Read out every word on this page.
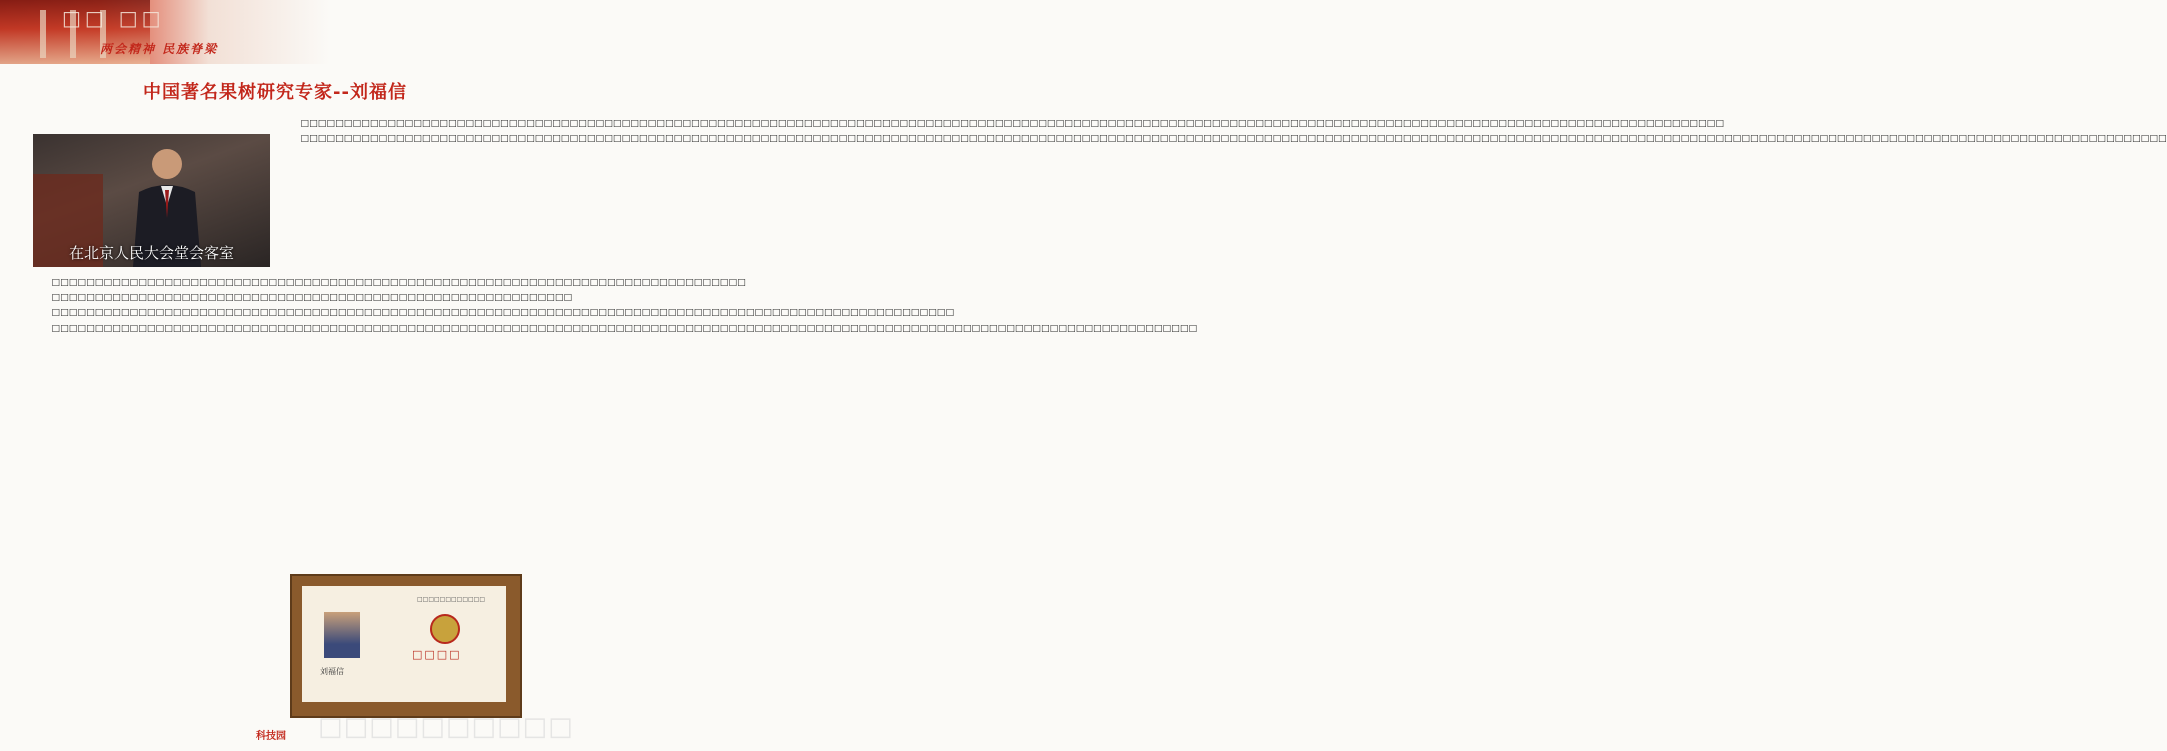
□□ □□
两会精神 民族脊梁
中国著名果树研究专家--刘福信
在北京人民大会堂会客室

□□□□□□□□□□□□□□□□□□□□□□□□□□□□□□□□□□□□□□□□□□□□□□□□□□□□□□□□□□□□□□□□□□□□□□□□□□□□□□□□

□□□□□□□□□□□□□□□□□□□□□□□□□□□□□□□□□□□□□□□□□□□□□□□□□□□□□□□□□□□□

□□□□□□□□□□□□□□□□□□□□□□□□□□□□□□□□□□□□□□□□□□□□□□□□□□□□□□□□□□□□□□□□□□□□□□□□□□□□□□□□□□□□□□□□□□□□□□□□□□□□□□□□

□□□□□□□□□□□□□□□□□□□□□□□□□□□□□□□□□□□□□□□□□□□□□□□□□□□□□□□□□□□□□□□□□□□□□□□□□□□□□□□□□□□□□□□□□□□□□□□□□□□□□□□□□□□□□□□□□□□□□□□□□□□□□□□□□□□□

□□□□□□□□□□□□□□□□□□□□□□□□□□□□□□□□□□□□□□□□□□□□□□□□□□□□□□□□□□□□□□□□□□□□□□□□□□□□□□□□□□□□□□□□□□□□□□□□□□□□□□□□□□□□□□□□□□□□□□□□□□□□□□□□□□□□□□□□□□□□□□□□□□□□□□□□□□□□□□□□□□□□

□□□□□□□□□□□□□□□□□□□□□□□□□□□□□□□□□□□□□□□□□□□□□□□□□□□□□□□□□□□□□□□□□□□□□□□□□□□□□□□□□□□□□□□□□□□□□□□□□□□□□□□□□□□□□□□□□□□□□□□□□□□□□□□□□□□□□□□□□□□□□□□□□□□□□□□□□□□□□□□□□□□□□□□□□□□□□□□□□□□□□□□□□□□□□□□□□□□□□□□□□□□□□□□□□□□□□□□

□□□□□□□□□□□□
刘福信
□□□□
□□□□□□□□□□
科技园
